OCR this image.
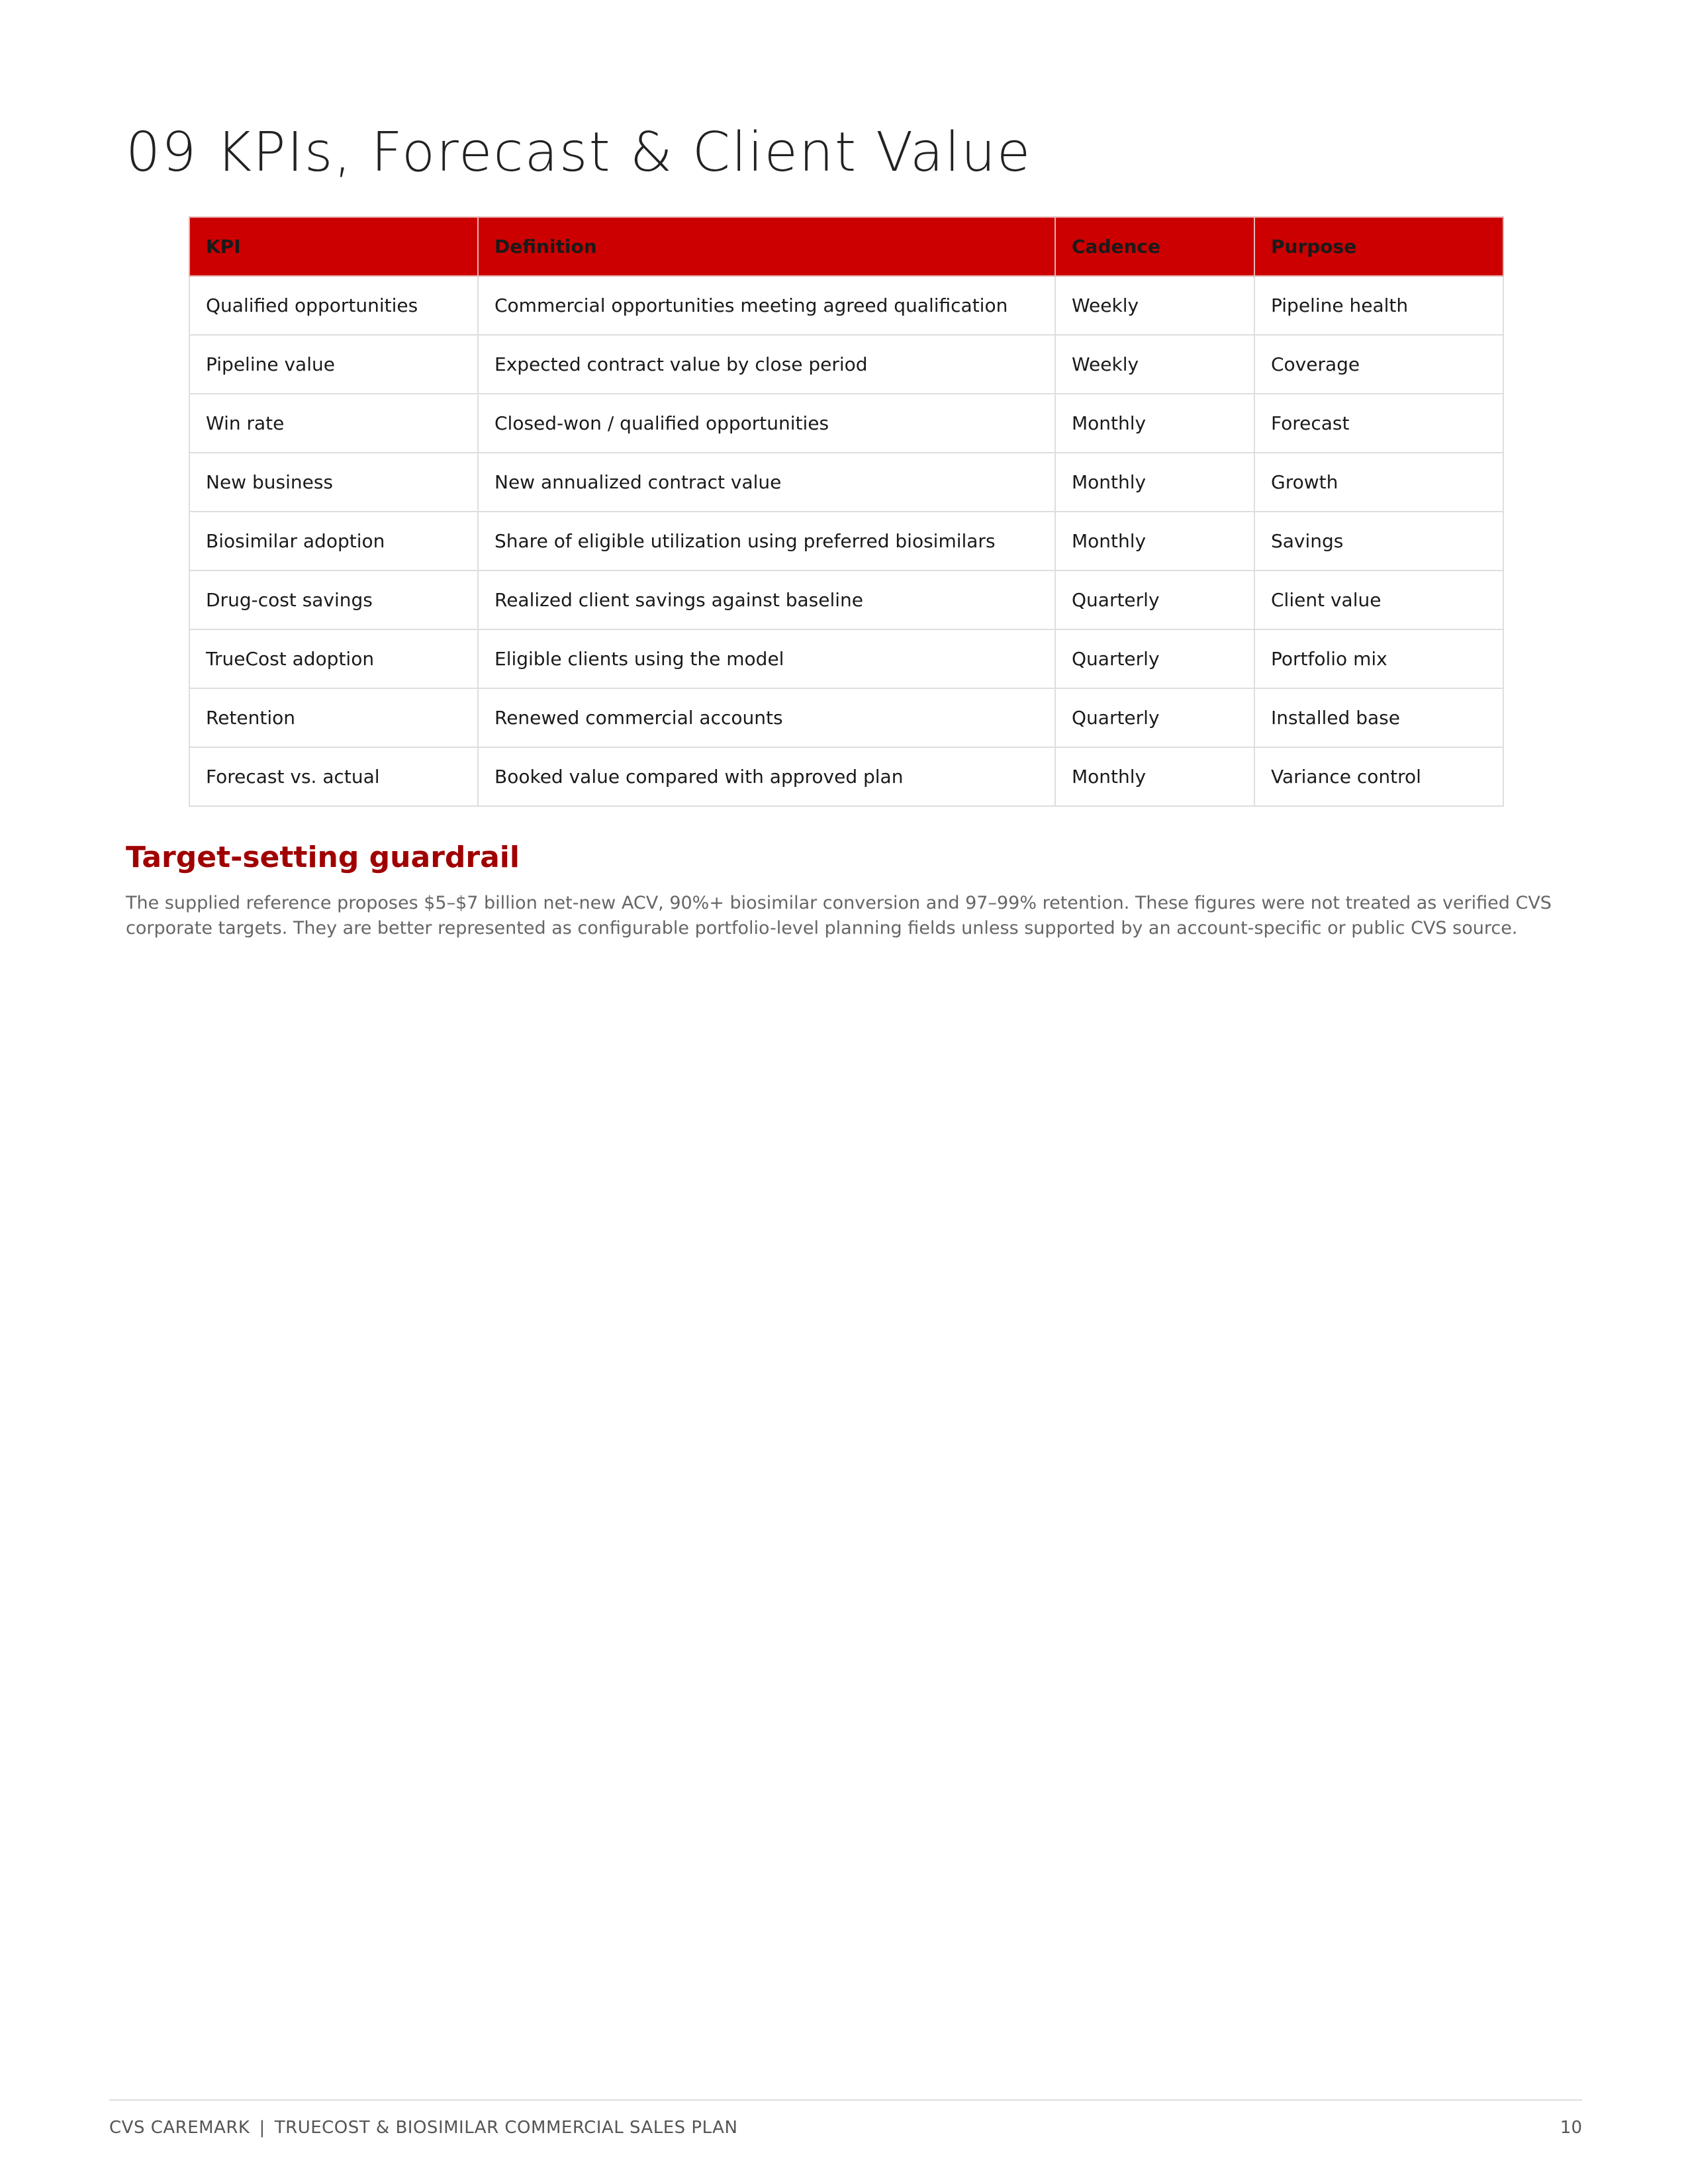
09 KPIs, Forecast & Client Value
KPI	Definition	Cadence	Purpose
Qualified opportunities	Commercial opportunities meeting agreed qualification	Weekly	Pipeline health
Pipeline value	Expected contract value by close period	Weekly	Coverage
Win rate	Closed-won / qualified opportunities	Monthly	Forecast
New business	New annualized contract value	Monthly	Growth
Biosimilar adoption	Share of eligible utilization using preferred biosimilars	Monthly	Savings
Drug-cost savings	Realized client savings against baseline	Quarterly	Client value
TrueCost adoption	Eligible clients using the model	Quarterly	Portfolio mix
Retention	Renewed commercial accounts	Quarterly	Installed base
Forecast vs. actual	Booked value compared with approved plan	Monthly	Variance control
Target-setting guardrail

The supplied reference proposes $5–$7 billion net-new ACV, 90%+ biosimilar conversion and 97–99% retention. These figures were not treated as verified CVS corporate targets. They are better represented as configurable portfolio-level planning fields unless supported by an account-specific or public CVS source.

CVS CAREMARK | TRUECOST & BIOSIMILAR COMMERCIAL SALES PLAN	10
